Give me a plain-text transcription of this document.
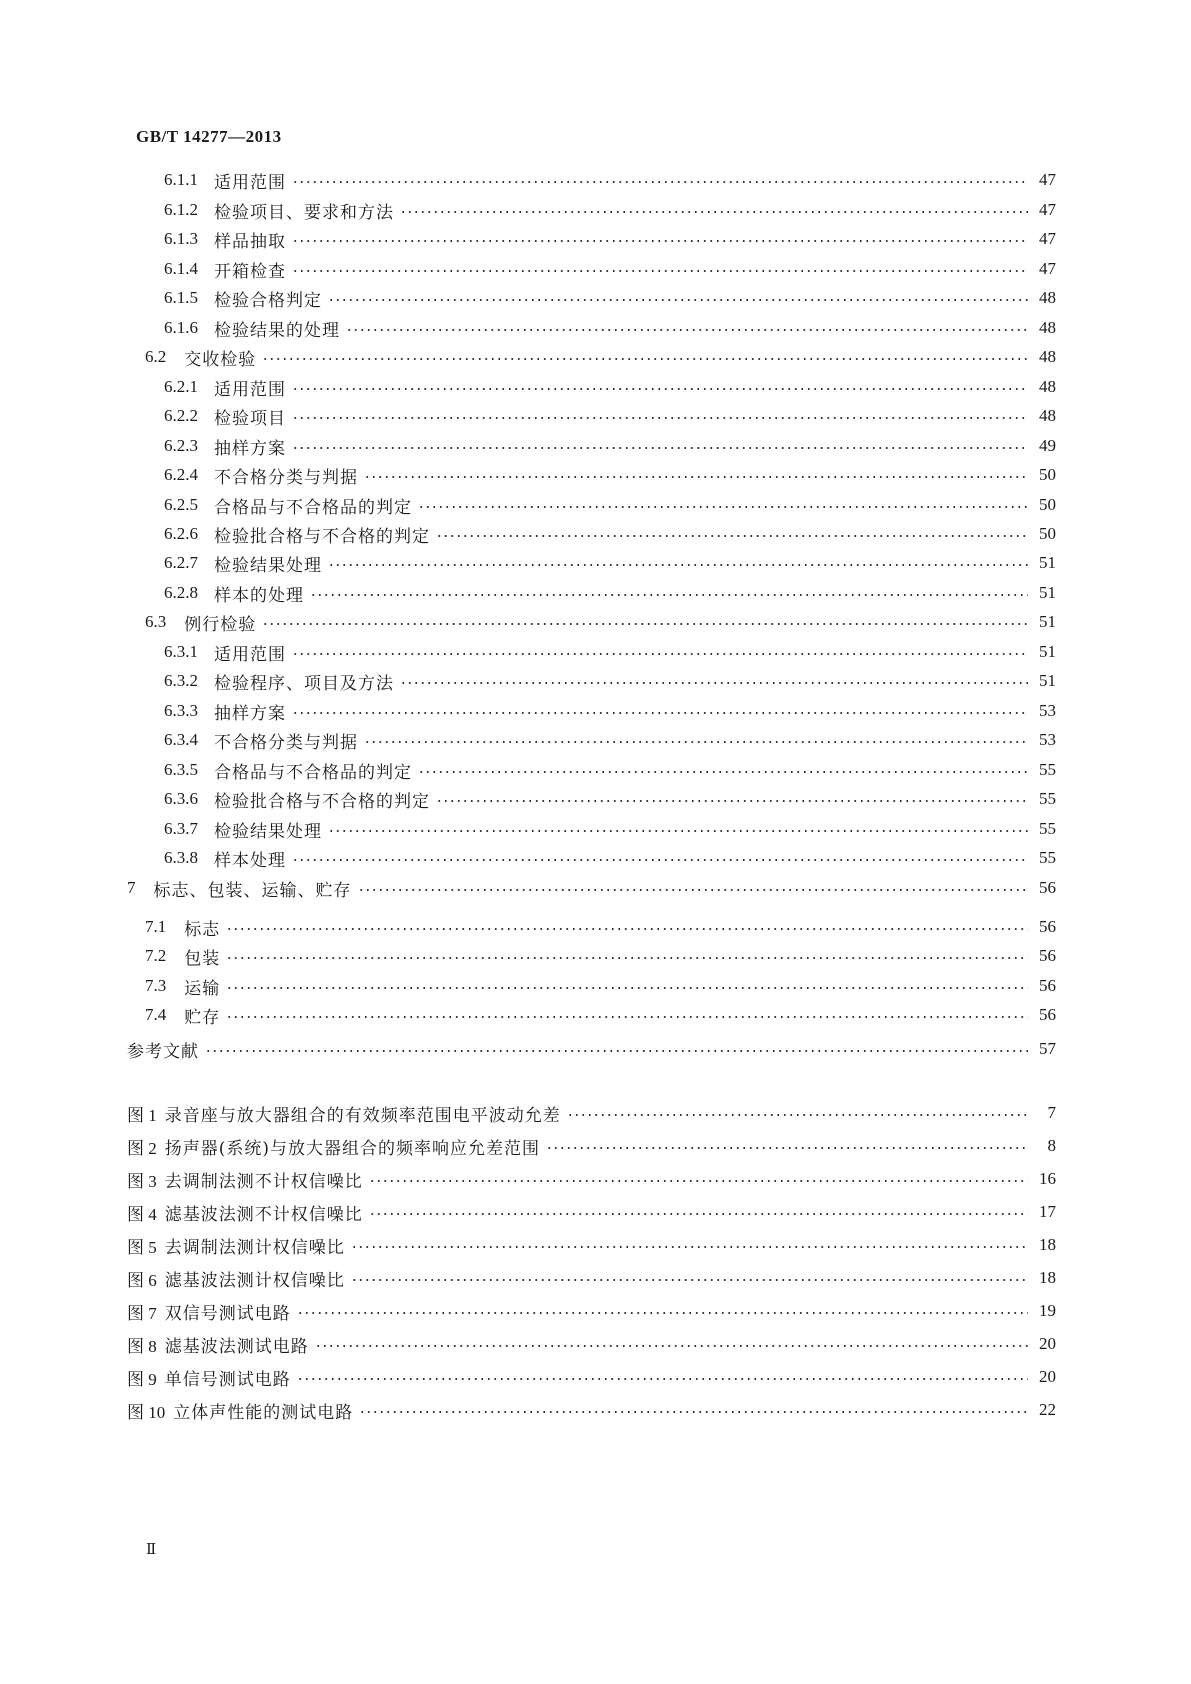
GB/T 14277—2013
6.1.1 适用范围	47
6.1.2 检验项目、要求和方法	47
6.1.3 样品抽取	47
6.1.4 开箱检查	47
6.1.5 检验合格判定	48
6.1.6 检验结果的处理	48
6.2 交收检验	48
6.2.1 适用范围	48
6.2.2 检验项目	48
6.2.3 抽样方案	49
6.2.4 不合格分类与判据	50
6.2.5 合格品与不合格品的判定	50
6.2.6 检验批合格与不合格的判定	50
6.2.7 检验结果处理	51
6.2.8 样本的处理	51
6.3 例行检验	51
6.3.1 适用范围	51
6.3.2 检验程序、项目及方法	51
6.3.3 抽样方案	53
6.3.4 不合格分类与判据	53
6.3.5 合格品与不合格品的判定	55
6.3.6 检验批合格与不合格的判定	55
6.3.7 检验结果处理	55
6.3.8 样本处理	55
7 标志、包装、运输、贮存	56
7.1 标志	56
7.2 包装	56
7.3 运输	56
7.4 贮存	56
参考文献	57
图 1 录音座与放大器组合的有效频率范围电平波动允差	7
图 2 扬声器(系统)与放大器组合的频率响应允差范围	8
图 3 去调制法测不计权信噪比	16
图 4 滤基波法测不计权信噪比	17
图 5 去调制法测计权信噪比	18
图 6 滤基波法测计权信噪比	18
图 7 双信号测试电路	19
图 8 滤基波法测试电路	20
图 9 单信号测试电路	20
图 10 立体声性能的测试电路	22
Ⅱ
